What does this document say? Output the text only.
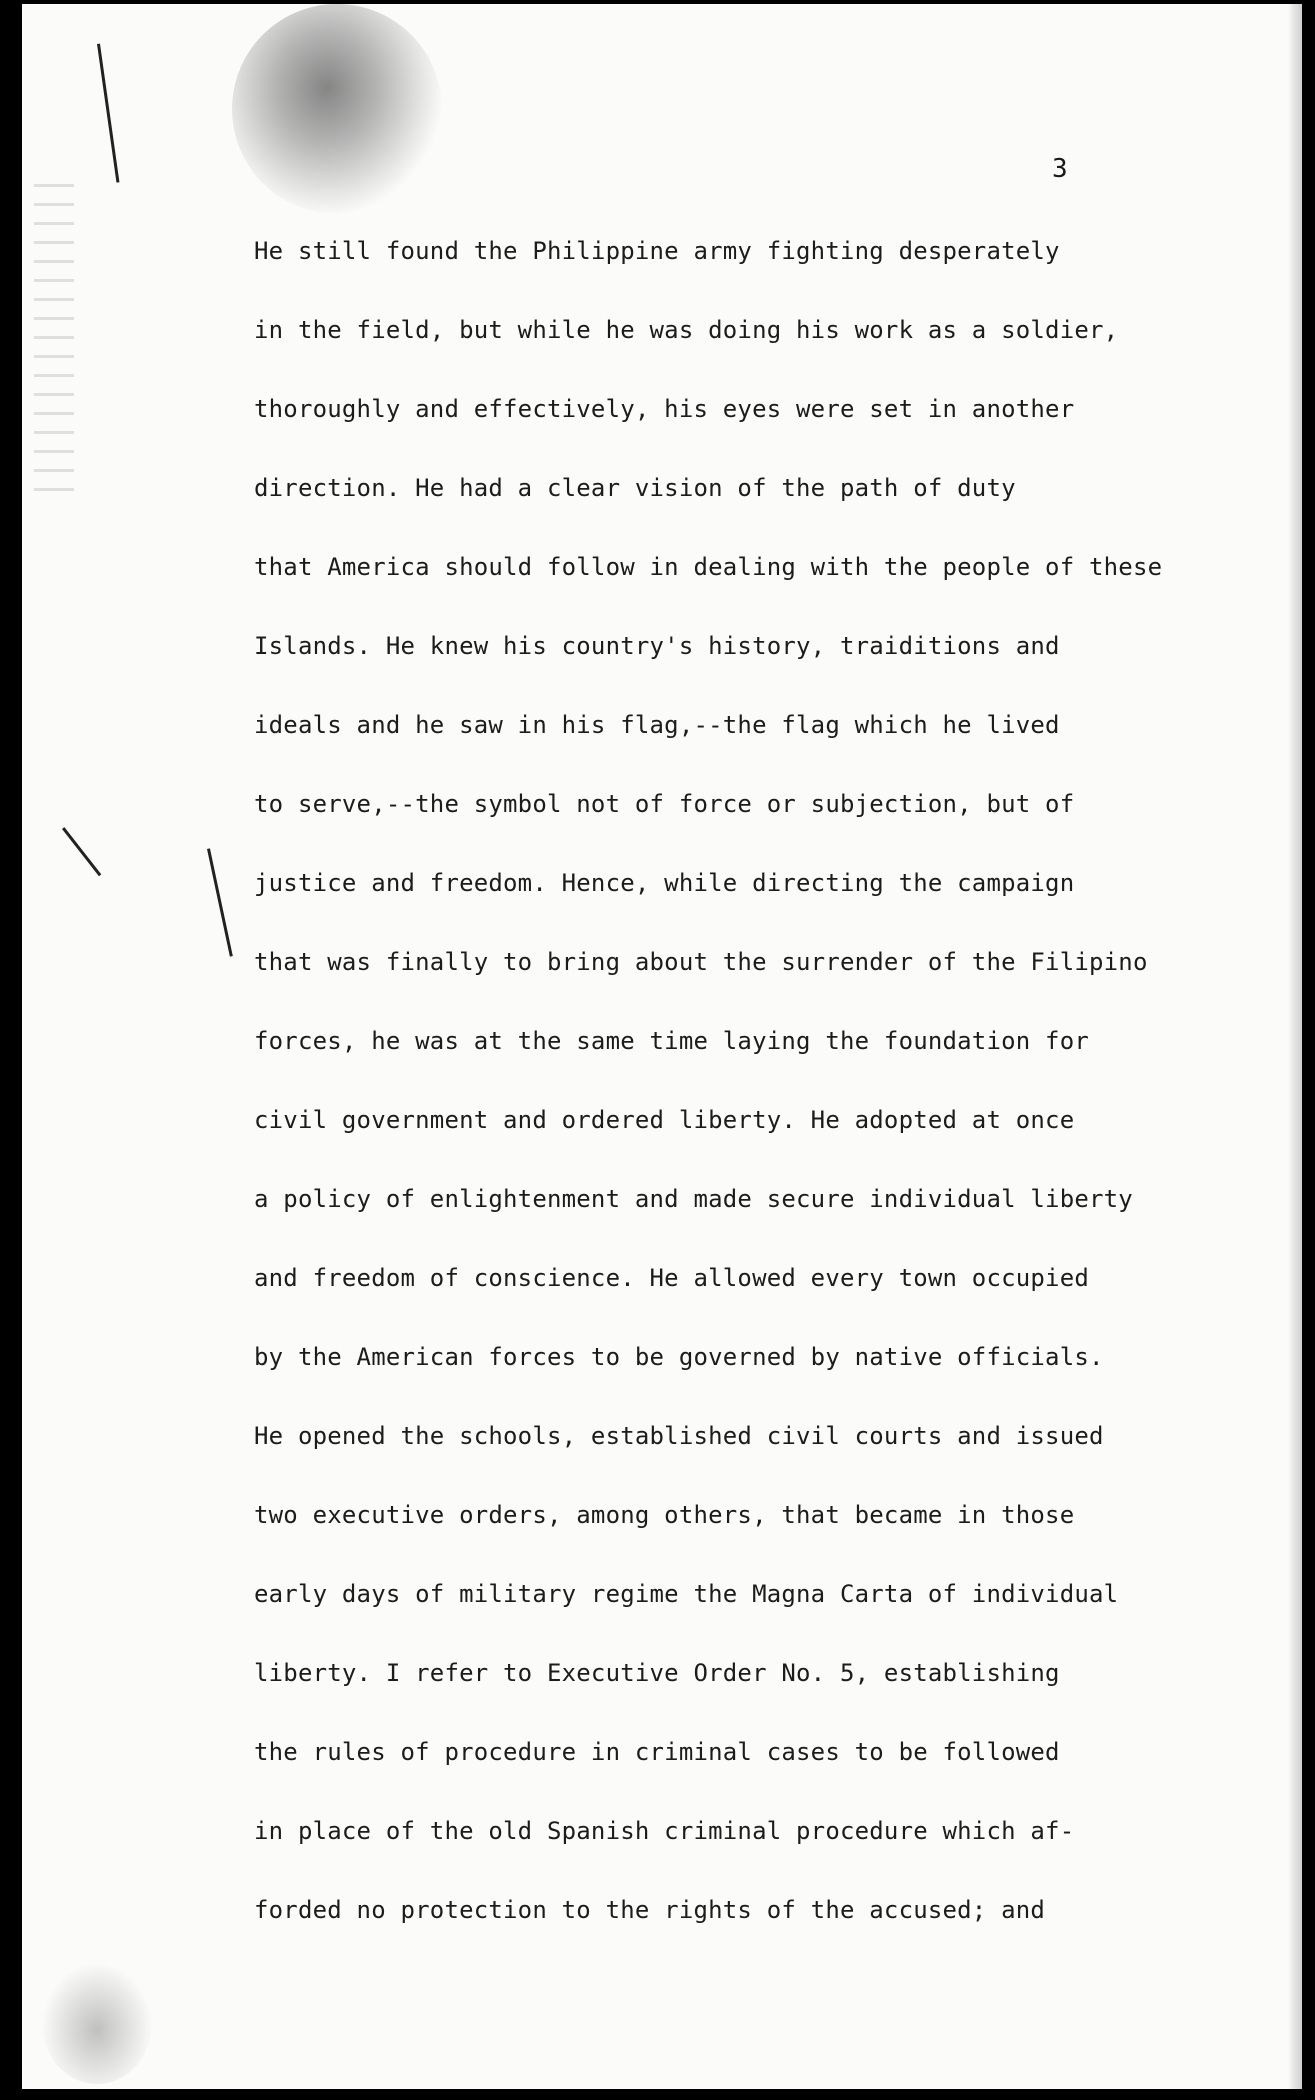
3
He still found the Philippine army fighting desperately
in the field, but while he was doing his work as a soldier,
thoroughly and effectively, his eyes were set in another
direction. He had a clear vision of the path of duty
that America should follow in dealing with the people of these
Islands. He knew his country's history, traiditions and
ideals and he saw in his flag,--the flag which he lived
to serve,--the symbol not of force or subjection, but of
justice and freedom. Hence, while directing the campaign
that was finally to bring about the surrender of the Filipino
forces, he was at the same time laying the foundation for
civil government and ordered liberty. He adopted at once
a policy of enlightenment and made secure individual liberty
and freedom of conscience. He allowed every town occupied
by the American forces to be governed by native officials.
He opened the schools, established civil courts and issued
two executive orders, among others, that became in those
early days of military regime the Magna Carta of individual
liberty. I refer to Executive Order No. 5, establishing
the rules of procedure in criminal cases to be followed
in place of the old Spanish criminal procedure which af-
forded no protection to the rights of the accused; and
